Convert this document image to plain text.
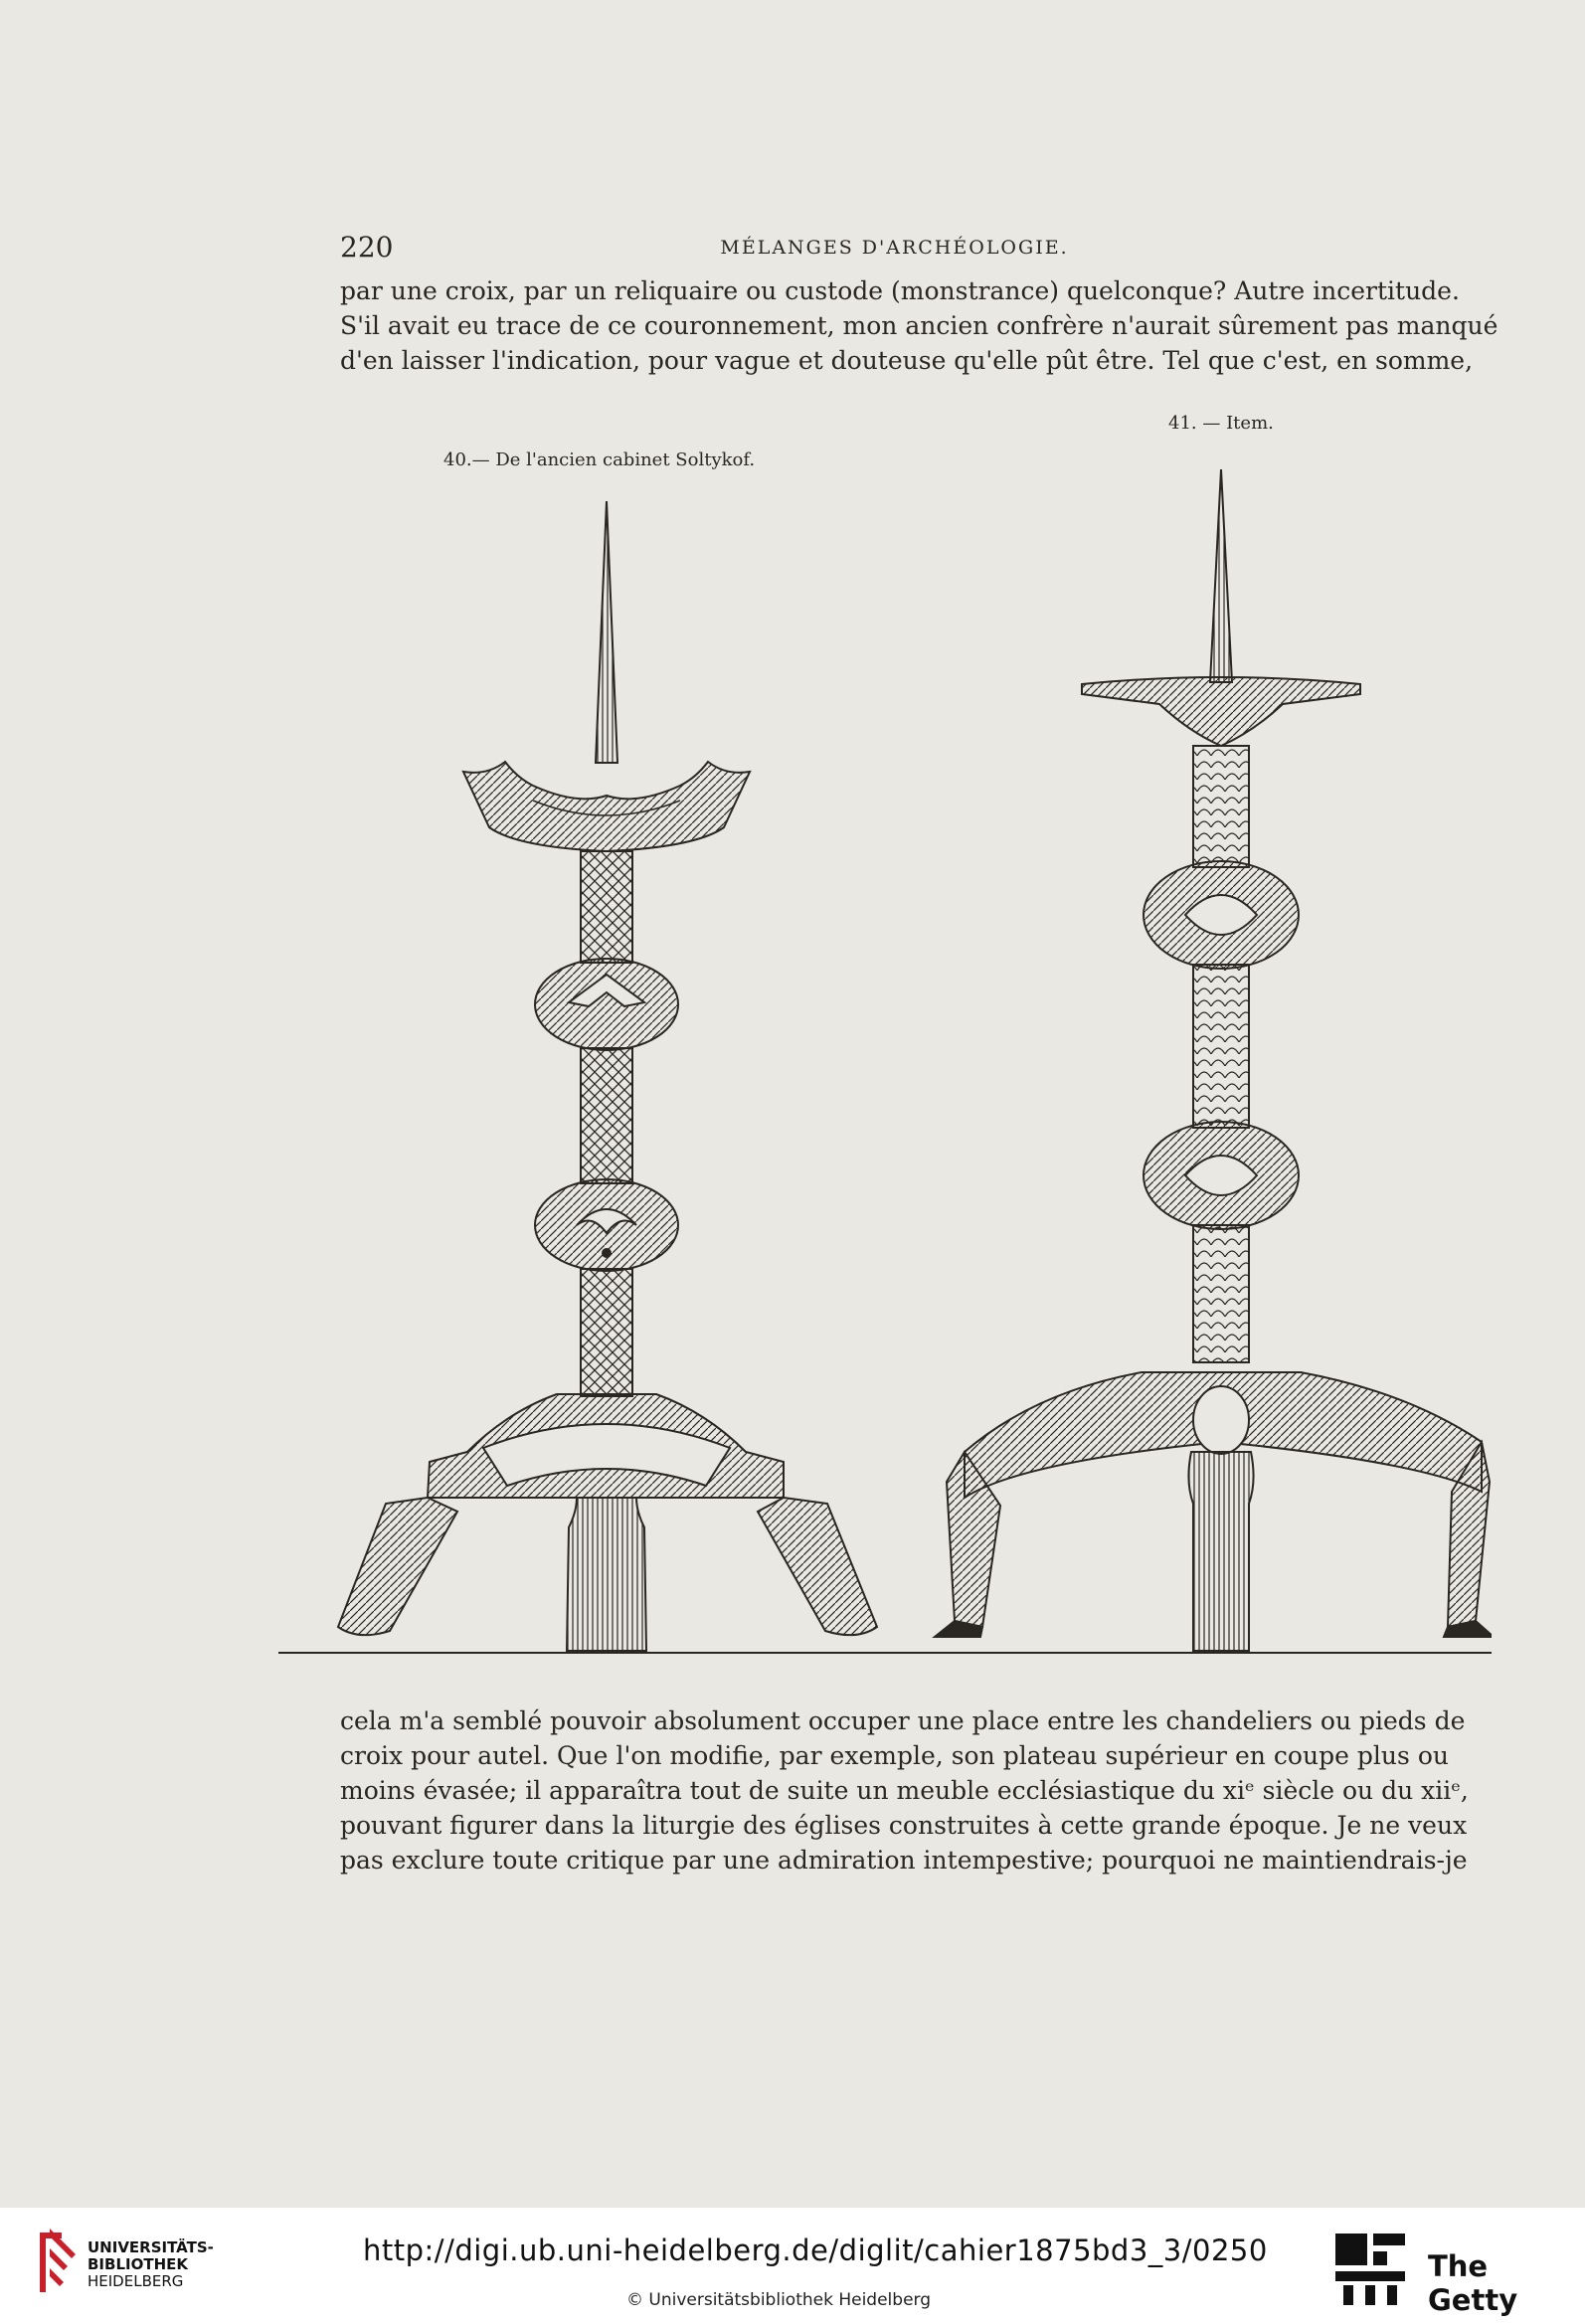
220	MÉLANGES D'ARCHÉOLOGIE.
par une croix, par un reliquaire ou custode (monstrance) quelconque? Autre incertitude.
S'il avait eu trace de ce couronnement, mon ancien confrère n'aurait sûrement pas manqué
d'en laisser l'indication, pour vague et douteuse qu'elle pût être. Tel que c'est, en somme,
40.— De l'ancien cabinet Soltykof.
41. — Item.
cela m'a semblé pouvoir absolument occuper une place entre les chandeliers ou pieds de
croix pour autel. Que l'on modifie, par exemple, son plateau supérieur en coupe plus ou
moins évasée; il apparaîtra tout de suite un meuble ecclésiastique du xiᵉ siècle ou du xiiᵉ,
pouvant figurer dans la liturgie des églises construites à cette grande époque. Je ne veux
pas exclure toute critique par une admiration intempestive; pourquoi ne maintiendrais-je
UNIVERSITÄTS-
BIBLIOTHEK
HEIDELBERG
http://digi.ub.uni-heidelberg.de/diglit/cahier1875bd3_3/0250
© Universitätsbibliothek Heidelberg
The Getty
